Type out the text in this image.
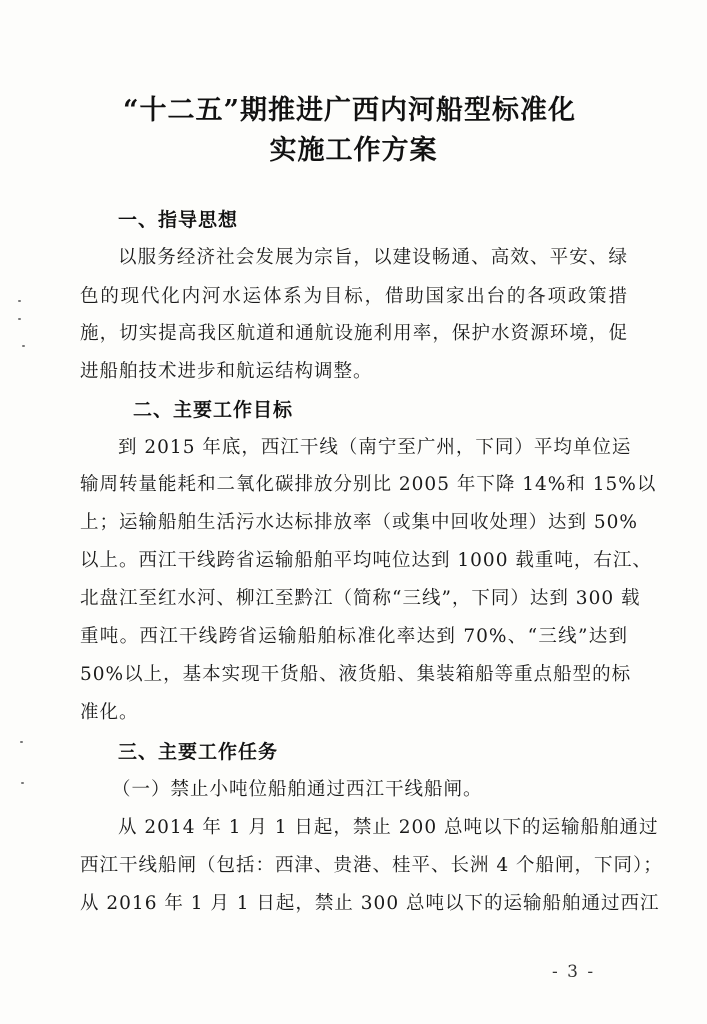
“十二五”期推进广西内河船型标准化
实施工作方案
一、指导思想
以服务经济社会发展为宗旨，以建设畅通、高效、平安、绿
色的现代化内河水运体系为目标，借助国家出台的各项政策措
施，切实提高我区航道和通航设施利用率，保护水资源环境，促
进船舶技术进步和航运结构调整。
二、主要工作目标
到 2015 年底，西江干线（南宁至广州，下同）平均单位运
输周转量能耗和二氧化碳排放分别比 2005 年下降 14%和 15%以
上；运输船舶生活污水达标排放率（或集中回收处理）达到 50%
以上。西江干线跨省运输船舶平均吨位达到 1000 载重吨，右江、
北盘江至红水河、柳江至黔江（简称“三线”，下同）达到 300 载
重吨。西江干线跨省运输船舶标准化率达到 70%、“三线”达到
50%以上，基本实现干货船、液货船、集装箱船等重点船型的标
准化。
三、主要工作任务
（一）禁止小吨位船舶通过西江干线船闸。
从 2014 年 1 月 1 日起，禁止 200 总吨以下的运输船舶通过
西江干线船闸（包括：西津、贵港、桂平、长洲 4 个船闸，下同）；
从 2016 年 1 月 1 日起，禁止 300 总吨以下的运输船舶通过西江
- 3 -
